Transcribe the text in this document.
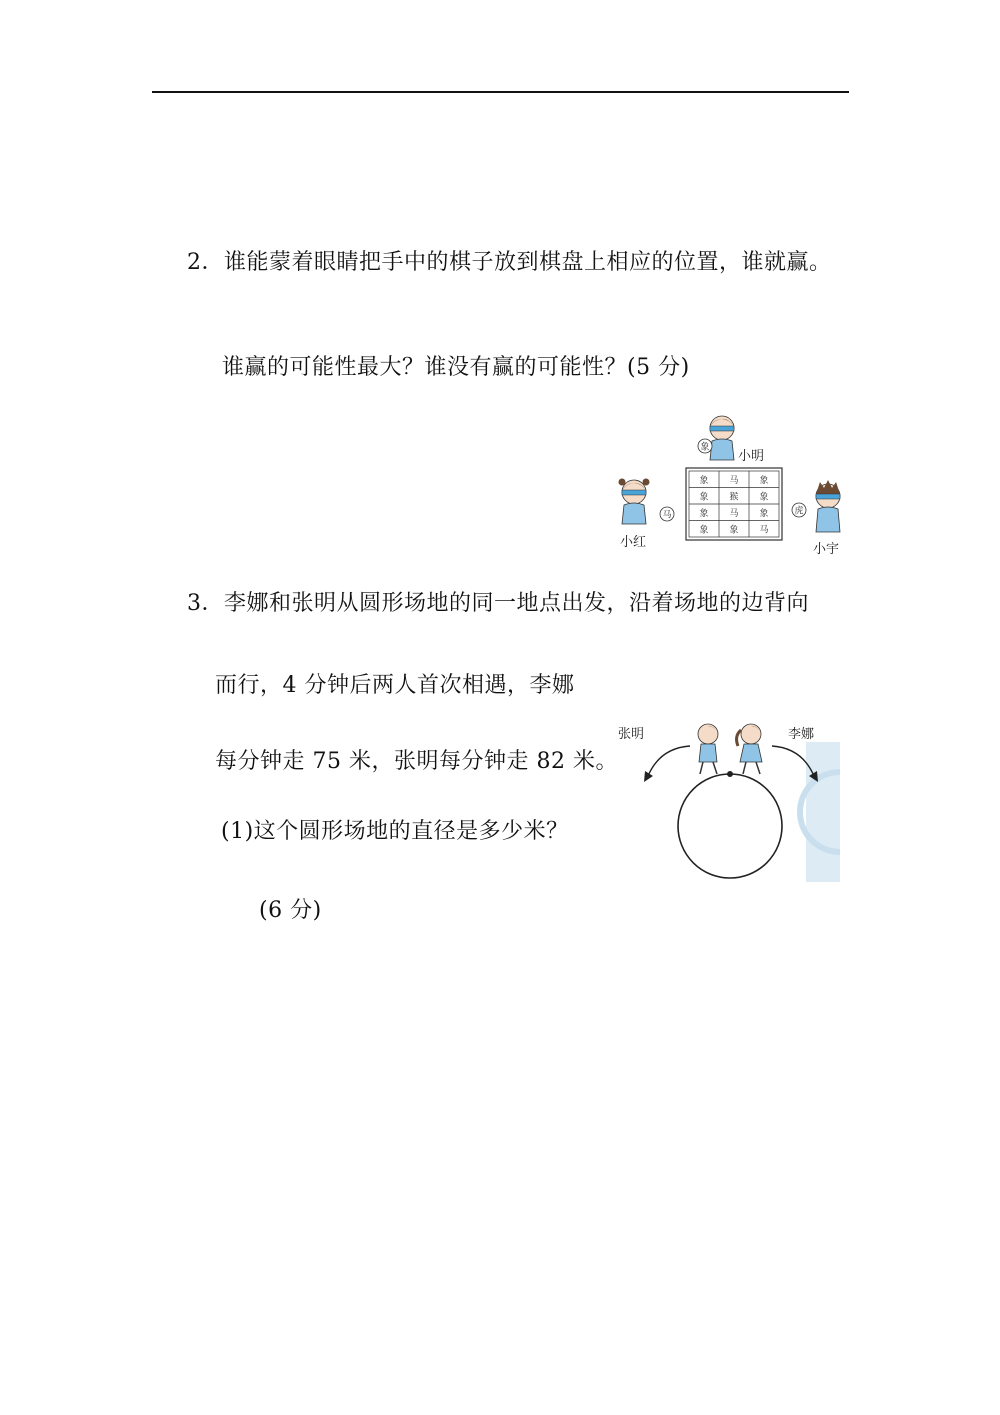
2．谁能蒙着眼睛把手中的棋子放到棋盘上相应的位置，谁就赢。
谁赢的可能性最大？谁没有赢的可能性？(5 分)
象 马 象
象 猴 象
象 马 象
象 象 马
象
小明
马
小红
虎
小宇
3．李娜和张明从圆形场地的同一地点出发，沿着场地的边背向
而行，4 分钟后两人首次相遇，李娜
每分钟走 75 米，张明每分钟走 82 米。
(1)这个圆形场地的直径是多少米？
(6 分)
张明	李娜
